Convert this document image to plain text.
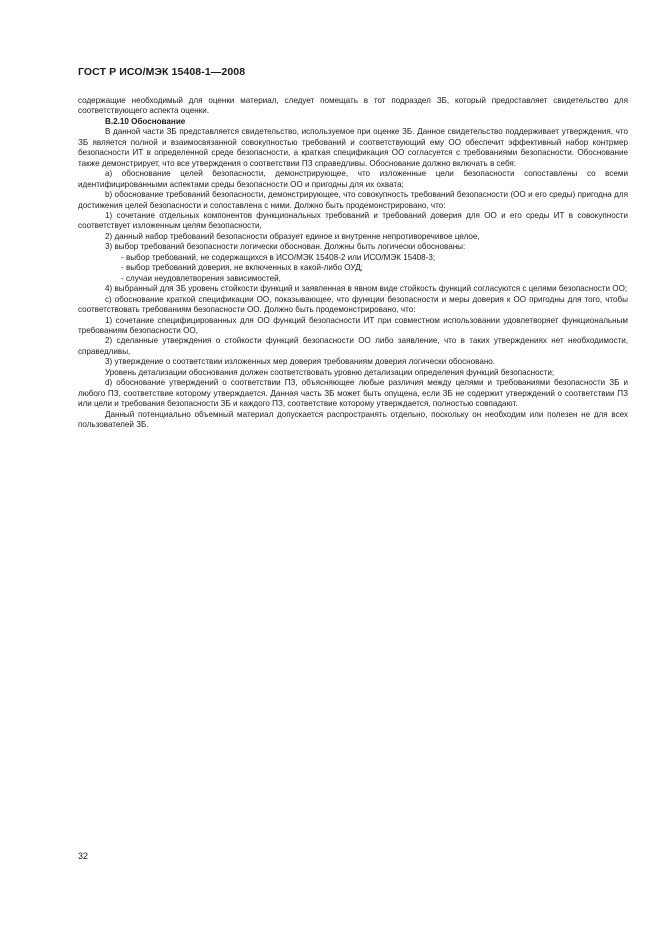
ГОСТ Р ИСО/МЭК 15408-1—2008

содержащие необходимый для оценки материал, следует помещать в тот подраздел ЗБ, который предоставляет свидетельство для соответствующего аспекта оценки.

В.2.10 Обоснование

В данной части ЗБ представляется свидетельство, используемое при оценке ЗБ. Данное свидетельство поддерживает утверждения, что ЗБ является полной и взаимосвязанной совокупностью требований и соответствующий ему ОО обеспечит эффективный набор контрмер безопасности ИТ в определенной среде безопасности, а краткая спецификация ОО согласуется с требованиями безопасности. Обоснование также демонстрирует, что все утверждения о соответствии ПЗ справедливы. Обоснование должно включать в себя:

a) обоснование целей безопасности, демонстрирующее, что изложенные цели безопасности сопоставлены со всеми идентифицированными аспектами среды безопасности ОО и пригодны для их охвата;

b) обоснование требований безопасности, демонстрирующее, что совокупность требований безопасности (ОО и его среды) пригодна для достижения целей безопасности и сопоставлена с ними. Должно быть продемонстрировано, что:

1) сочетание отдельных компонентов функциональных требований и требований доверия для ОО и его среды ИТ в совокупности соответствует изложенным целям безопасности,

2) данный набор требований безопасности образует единое и внутренне непротиворечивое целое,

3) выбор требований безопасности логически обоснован. Должны быть логически обоснованы:

- выбор требований, не содержащихся в ИСО/МЭК 15408-2 или ИСО/МЭК 15408-3;

- выбор требований доверия, не включенных в какой-либо ОУД;

- случаи неудовлетворения зависимостей,

4) выбранный для ЗБ уровень стойкости функций и заявленная в явном виде стойкость функций согласуются с целями безопасности ОО;

c) обоснование краткой спецификации ОО, показывающее, что функции безопасности и меры доверия к ОО пригодны для того, чтобы соответствовать требованиям безопасности ОО. Должно быть продемонстрировано, что:

1) сочетание специфицированных для ОО функций безопасности ИТ при совместном использовании удовлетворяет функциональным требованиям безопасности ОО,

2) сделанные утверждения о стойкости функций безопасности ОО либо заявление, что в таких утверждениях нет необходимости, справедливы,

3) утверждение о соответствии изложенных мер доверия требованиям доверия логически обосновано.

Уровень детализации обоснования должен соответствовать уровню детализации определения функций безопасности;

d) обоснование утверждений о соответствии ПЗ, объясняющее любые различия между целями и требованиями безопасности ЗБ и любого ПЗ, соответствие которому утверждается. Данная часть ЗБ может быть опущена, если ЗБ не содержит утверждений о соответствии ПЗ или цели и требования безопасности ЗБ и каждого ПЗ, соответствие которому утверждается, полностью совпадают.

Данный потенциально объемный материал допускается распространять отдельно, поскольку он необходим или полезен не для всех пользователей ЗБ.

32
